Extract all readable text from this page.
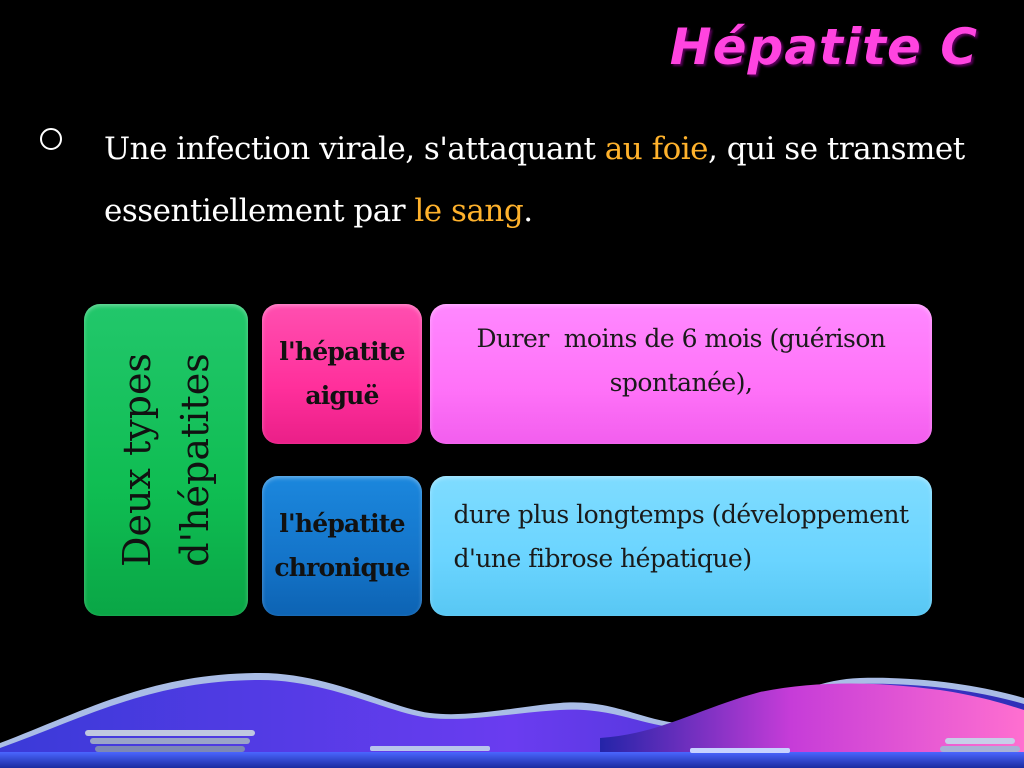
Hépatite C
Une infection virale, s'attaquant au foie, qui se transmet essentiellement par le sang.
Deux types d'hépatites
l'hépatite
aiguë
Durer  moins de 6 mois (guérison
spontanée),
l'hépatite
chronique
dure plus longtemps (développement
d'une fibrose hépatique)
